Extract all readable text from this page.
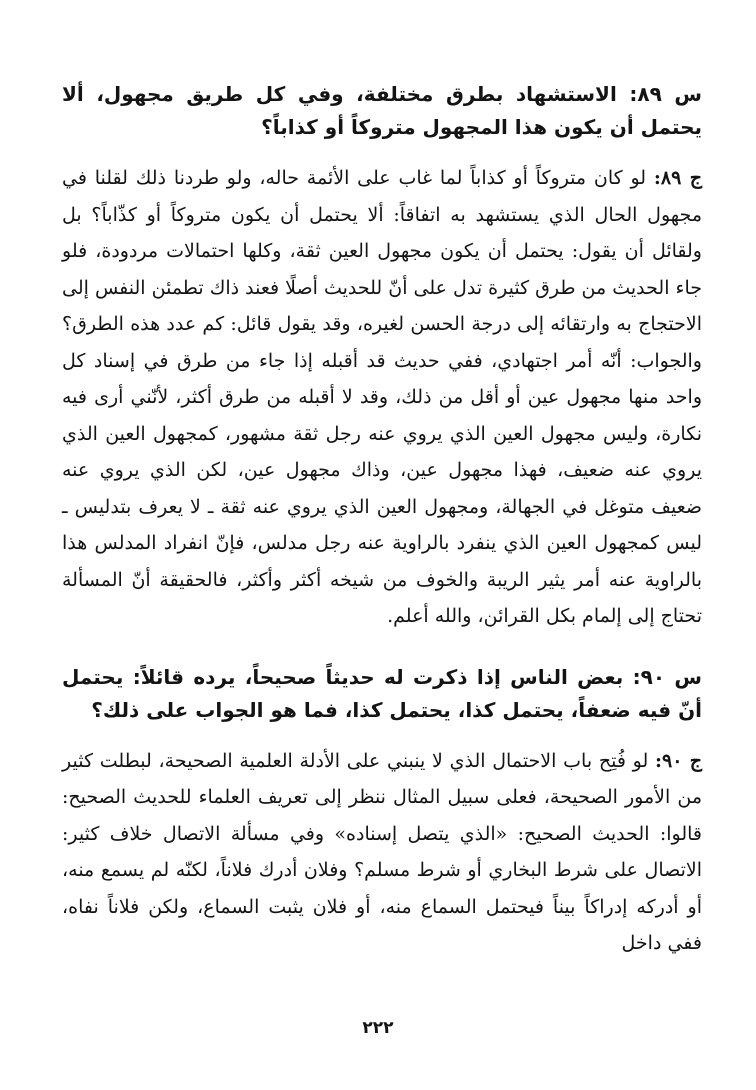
س ٨٩: الاستشهاد بطرق مختلفة، وفي كل طريق مجهول، ألا يحتمل أن يكون هذا المجهول متروكاً أو كذاباً؟

ج ٨٩: لو كان متروكاً أو كذاباً لما غاب على الأئمة حاله، ولو طردنا ذلك لقلنا في مجهول الحال الذي يستشهد به اتفاقاً: ألا يحتمل أن يكون متروكاً أو كذّاباً؟ بل ولقائل أن يقول: يحتمل أن يكون مجهول العين ثقة، وكلها احتمالات مردودة، فلو جاء الحديث من طرق كثيرة تدل على أنّ للحديث أصلًا فعند ذاك تطمئن النفس إلى الاحتجاج به وارتقائه إلى درجة الحسن لغيره، وقد يقول قائل: كم عدد هذه الطرق؟ والجواب: أنّه أمر اجتهادي، ففي حديث قد أقبله إذا جاء من طرق في إسناد كل واحد منها مجهول عين أو أقل من ذلك، وقد لا أقبله من طرق أكثر، لأنّني أرى فيه نكارة، وليس مجهول العين الذي يروي عنه رجل ثقة مشهور، كمجهول العين الذي يروي عنه ضعيف، فهذا مجهول عين، وذاك مجهول عين، لكن الذي يروي عنه ضعيف متوغل في الجهالة، ومجهول العين الذي يروي عنه ثقة ـ لا يعرف بتدليس ـ ليس كمجهول العين الذي ينفرد بالراوية عنه رجل مدلس، فإنّ انفراد المدلس هذا بالراوية عنه أمر يثير الريبة والخوف من شيخه أكثر وأكثر، فالحقيقة أنّ المسألة تحتاج إلى إلمام بكل القرائن، والله أعلم.

س ٩٠: بعض الناس إذا ذكرت له حديثاً صحيحاً، يرده قائلاً: يحتمل أنّ فيه ضعفاً، يحتمل كذا، يحتمل كذا، فما هو الجواب على ذلك؟

ج ٩٠: لو فُتِح باب الاحتمال الذي لا ينبني على الأدلة العلمية الصحيحة، لبطلت كثير من الأمور الصحيحة، فعلى سبيل المثال ننظر إلى تعريف العلماء للحديث الصحيح: قالوا: الحديث الصحيح: «الذي يتصل إسناده» وفي مسألة الاتصال خلاف كثير: الاتصال على شرط البخاري أو شرط مسلم؟ وفلان أدرك فلاناً، لكنّه لم يسمع منه، أو أدركه إدراكاً بيناً فيحتمل السماع منه، أو فلان يثبت السماع، ولكن فلاناً نفاه، ففي داخل

٢٢٢
